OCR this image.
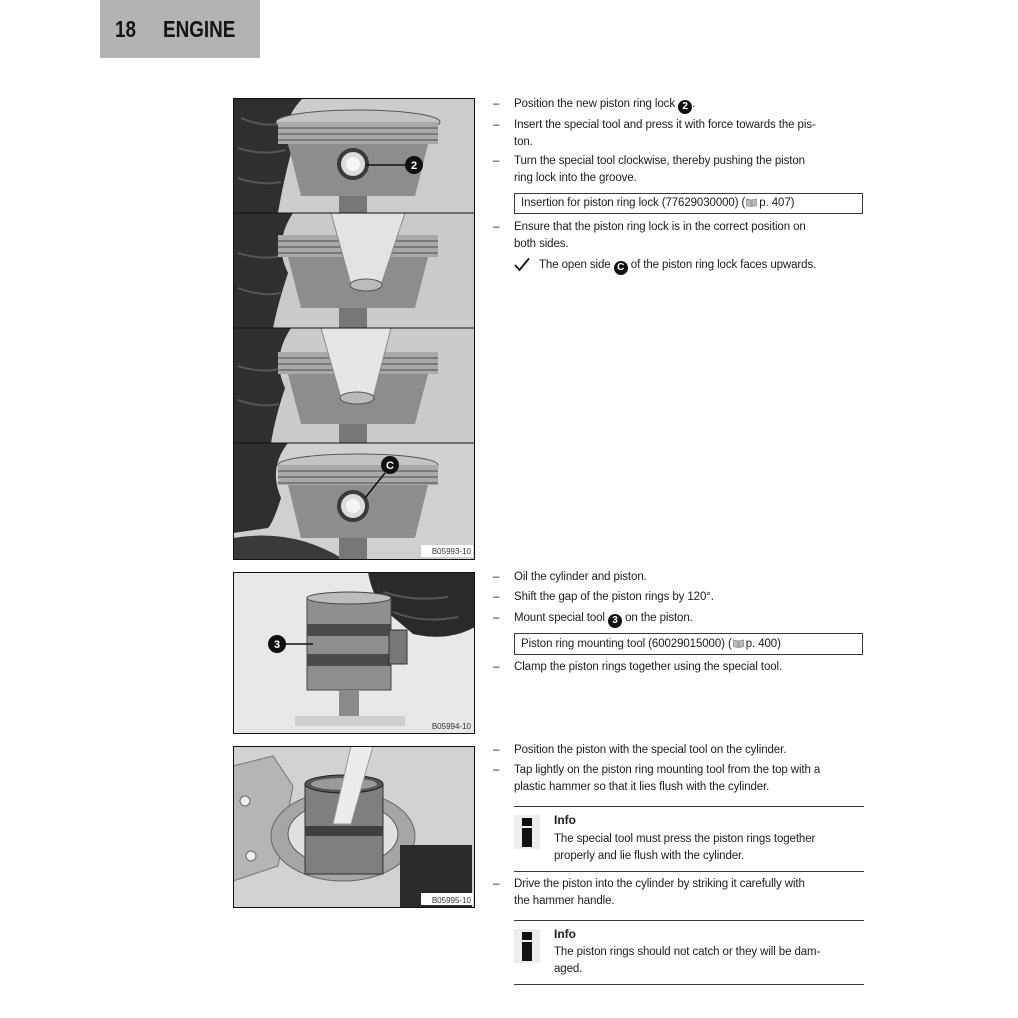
18 ENGINE
2
C
B05993-10
3
B05994-10
B05995-10
– Position the new piston ring lock 2 .
– Insert the special tool and press it with force towards the pis-
ton.
– Turn the special tool clockwise, thereby pushing the piston
ring lock into the groove.
Insertion for piston ring lock (77629030000) ( p. 407)
– Ensure that the piston ring lock is in the correct position on
both sides.
The open side C of the piston ring lock faces upwards.
– Oil the cylinder and piston.
– Shift the gap of the piston rings by 120°.
– Mount special tool 3 on the piston.
Piston ring mounting tool (60029015000) ( p. 400)
– Clamp the piston rings together using the special tool.
– Position the piston with the special tool on the cylinder.
– Tap lightly on the piston ring mounting tool from the top with a
plastic hammer so that it lies flush with the cylinder.
Info
The special tool must press the piston rings together
properly and lie flush with the cylinder.
– Drive the piston into the cylinder by striking it carefully with
the hammer handle.
Info
The piston rings should not catch or they will be dam-
aged.
